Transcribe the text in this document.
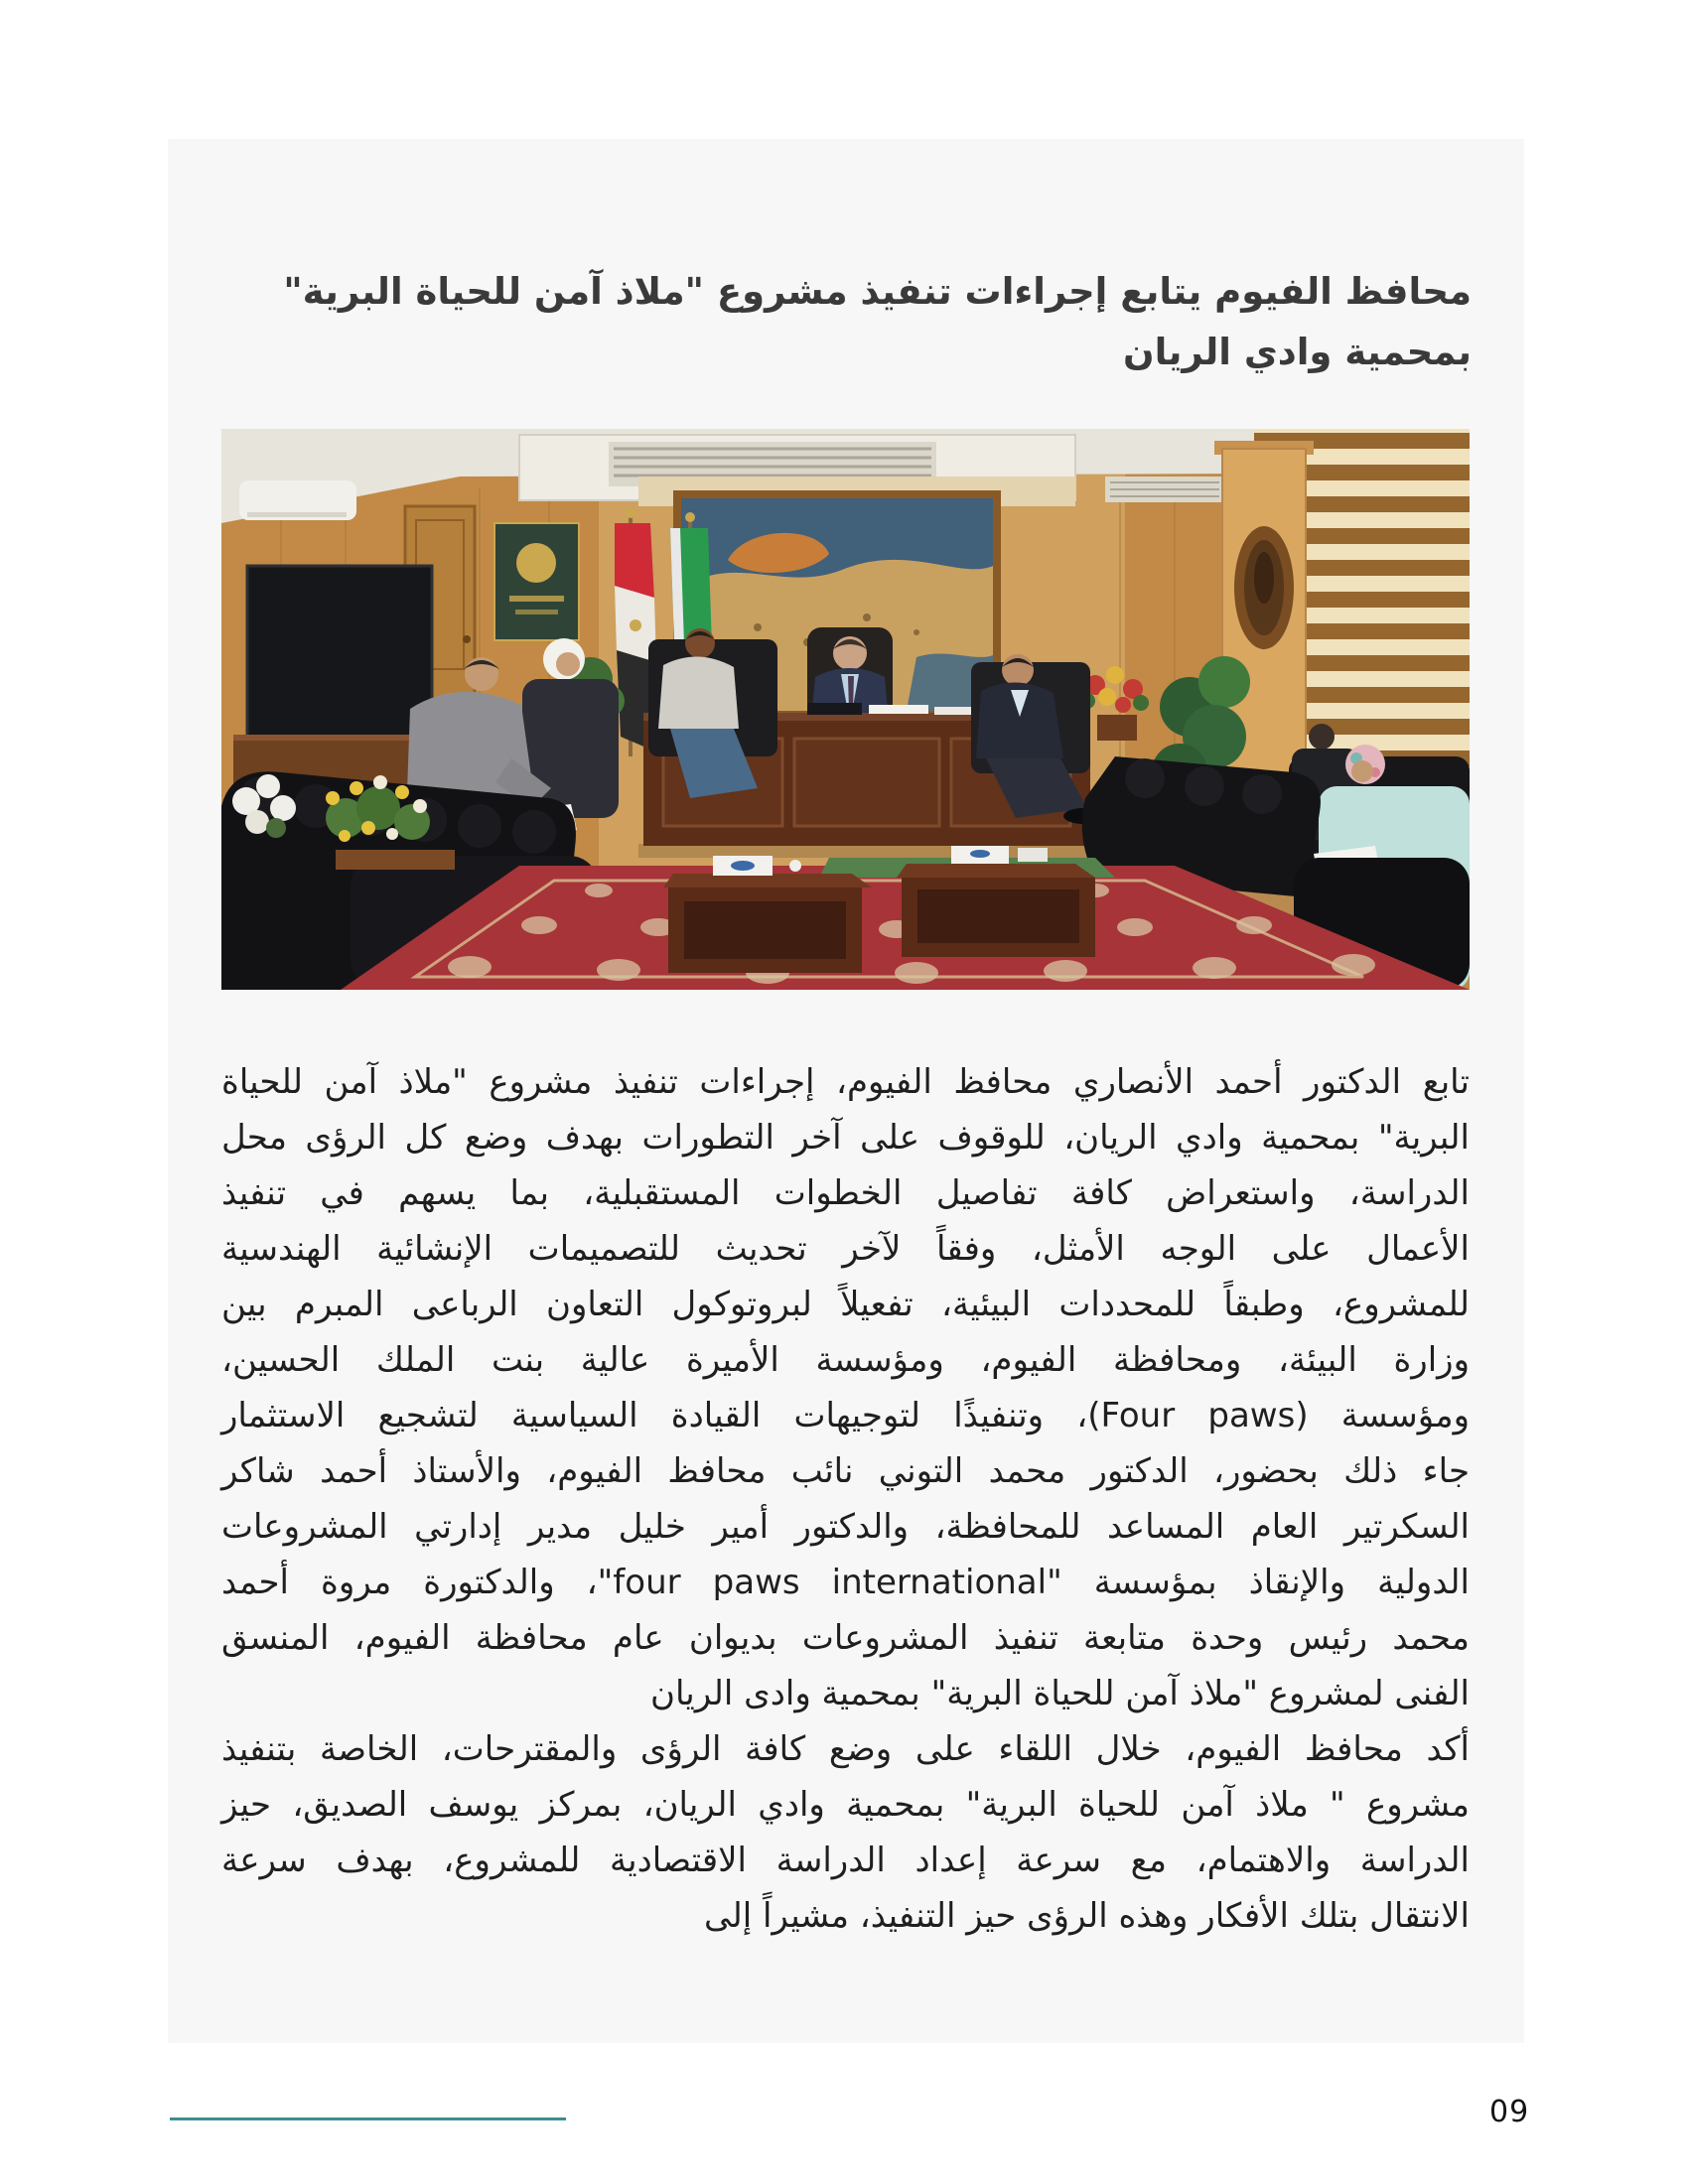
محافظ الفيوم يتابع إجراءات تنفيذ مشروع "ملاذ آمن للحياة البرية" بمحمية وادي الريان
تابع الدكتور أحمد الأنصاري محافظ الفيوم، إجراءات تنفيذ مشروع "ملاذ آمن للحياة
البرية" بمحمية وادي الريان، للوقوف على آخر التطورات بهدف وضع كل الرؤى محل
الدراسة، واستعراض كافة تفاصيل الخطوات المستقبلية، بما يسهم في تنفيذ
الأعمال على الوجه الأمثل، وفقاً لآخر تحديث للتصميمات الإنشائية الهندسية
للمشروع، وطبقاً للمحددات البيئية، تفعيلاً لبروتوكول التعاون الرباعى المبرم بين
وزارة البيئة، ومحافظة الفيوم، ومؤسسة الأميرة عالية بنت الملك الحسين،
ومؤسسة (Four paws)، وتنفيذًا لتوجيهات القيادة السياسية لتشجيع الاستثمار
جاء ذلك بحضور، الدكتور محمد التوني نائب محافظ الفيوم، والأستاذ أحمد شاكر
السكرتير العام المساعد للمحافظة، والدكتور أمير خليل مدير إدارتي المشروعات
الدولية والإنقاذ بمؤسسة "four paws international"، والدكتورة مروة أحمد
محمد رئيس وحدة متابعة تنفيذ المشروعات بديوان عام محافظة الفيوم، المنسق
الفنى لمشروع "ملاذ آمن للحياة البرية" بمحمية وادى الريان
أكد محافظ الفيوم، خلال اللقاء على وضع كافة الرؤى والمقترحات، الخاصة بتنفيذ
مشروع " ملاذ آمن للحياة البرية" بمحمية وادي الريان، بمركز يوسف الصديق، حيز
الدراسة والاهتمام، مع سرعة إعداد الدراسة الاقتصادية للمشروع، بهدف سرعة
الانتقال بتلك الأفكار وهذه الرؤى حيز التنفيذ، مشيراً إلى
09
